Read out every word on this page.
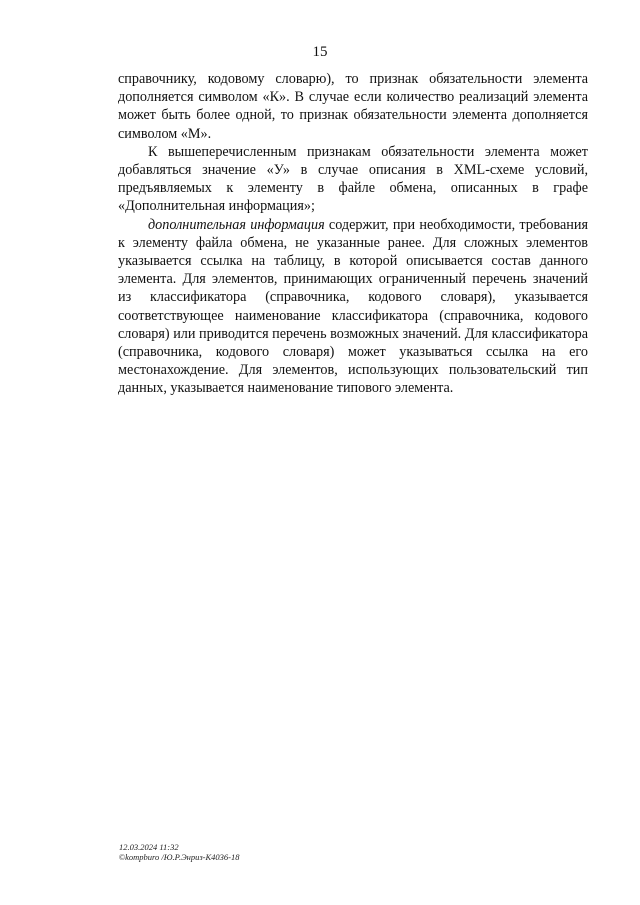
15

справочнику, кодовому словарю), то признак обязательности элемента дополняется символом «К». В случае если количество реализаций элемента может быть более одной, то признак обязательности элемента дополняется символом «М».

К вышеперечисленным признакам обязательности элемента может добавляться значение «У» в случае описания в XML-схеме условий, предъявляемых к элементу в файле обмена, описанных в графе «Дополнительная информация»;

дополнительная информация содержит, при необходимости, требования к элементу файла обмена, не указанные ранее. Для сложных элементов указывается ссылка на таблицу, в которой описывается состав данного элемента. Для элементов, принимающих ограниченный перечень значений из классификатора (справочника, кодового словаря), указывается соответствующее наименование классификатора (справочника, кодового словаря) или приводится перечень возможных значений. Для классификатора (справочника, кодового словаря) может указываться ссылка на его местонахождение. Для элементов, использующих пользовательский тип данных, указывается наименование типового элемента.

12.03.2024 11:32
©kompburo /Ю.Р.Энриз-К4036-18
